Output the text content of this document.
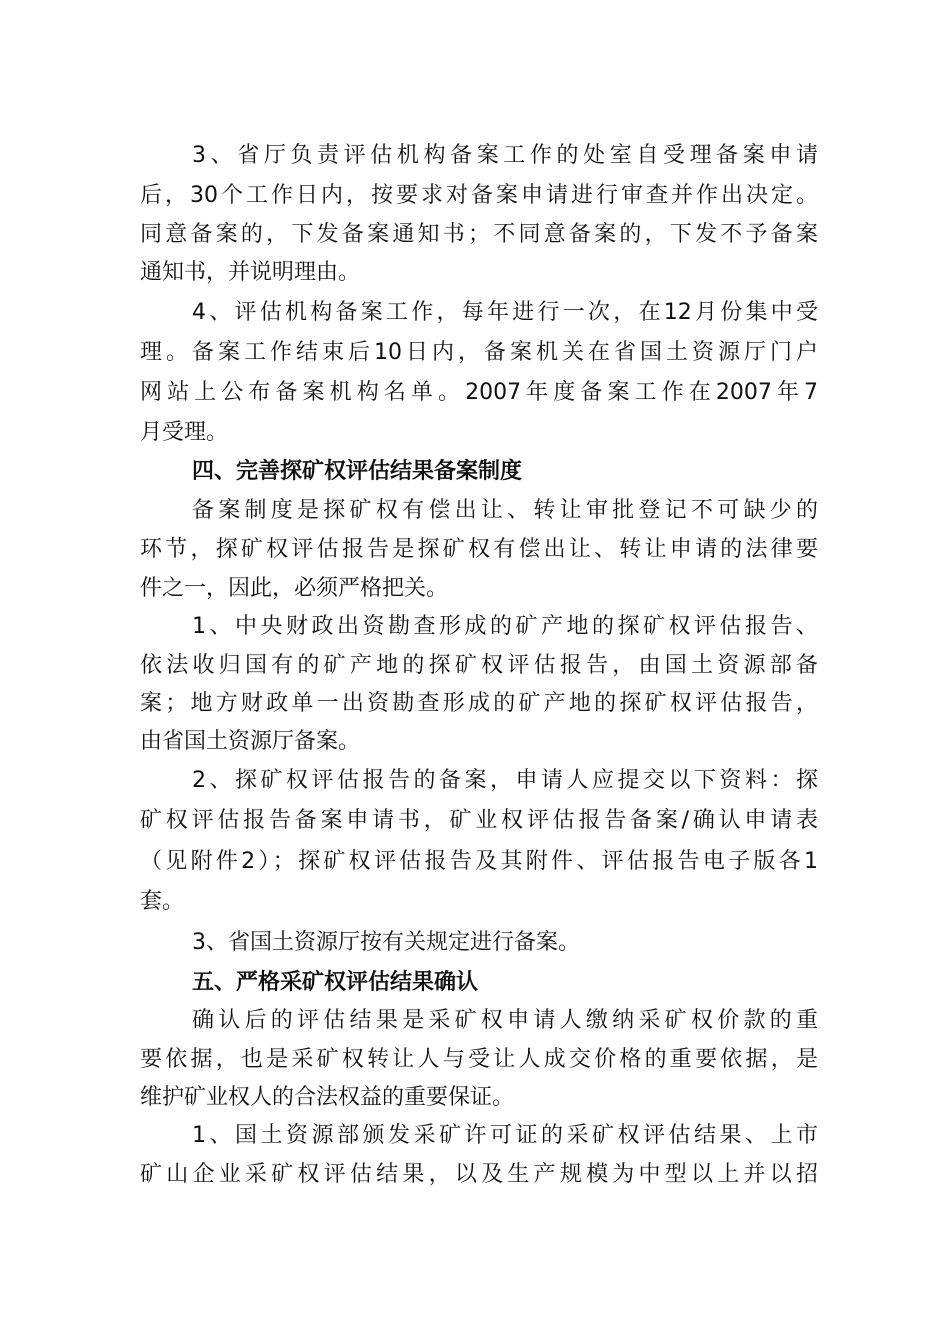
3、省厅负责评估机构备案工作的处室自受理备案申请
后，30个工作日内，按要求对备案申请进行审查并作出决定。
同意备案的，下发备案通知书；不同意备案的，下发不予备案
通知书，并说明理由。
4、评估机构备案工作，每年进行一次，在12月份集中受
理。备案工作结束后10日内，备案机关在省国土资源厅门户
网站上公布备案机构名单。2007年度备案工作在2007年7
月受理。
四、完善探矿权评估结果备案制度
备案制度是探矿权有偿出让、转让审批登记不可缺少的
环节，探矿权评估报告是探矿权有偿出让、转让申请的法律要
件之一，因此，必须严格把关。
1、中央财政出资勘查形成的矿产地的探矿权评估报告、
依法收归国有的矿产地的探矿权评估报告，由国土资源部备
案；地方财政单一出资勘查形成的矿产地的探矿权评估报告，
由省国土资源厅备案。
2、探矿权评估报告的备案，申请人应提交以下资料：探
矿权评估报告备案申请书，矿业权评估报告备案/确认申请表
（见附件2）；探矿权评估报告及其附件、评估报告电子版各1
套。
3、省国土资源厅按有关规定进行备案。
五、严格采矿权评估结果确认
确认后的评估结果是采矿权申请人缴纳采矿权价款的重
要依据，也是采矿权转让人与受让人成交价格的重要依据，是
维护矿业权人的合法权益的重要保证。
1、国土资源部颁发采矿许可证的采矿权评估结果、上市
矿山企业采矿权评估结果，以及生产规模为中型以上并以招
